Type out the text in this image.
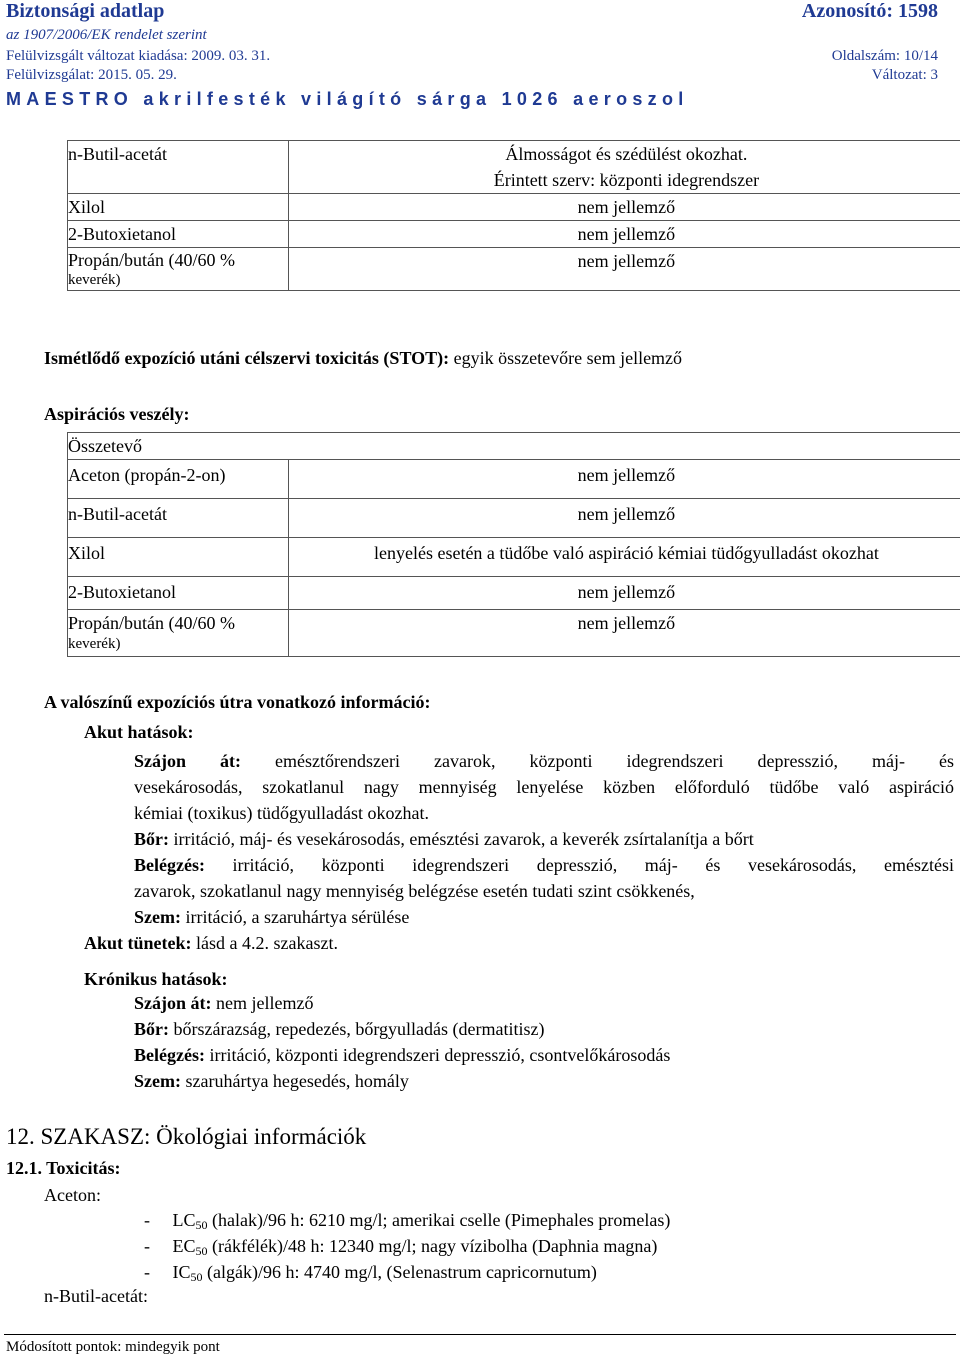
Biztonsági adatlap	Azonosító: 1598
az 1907/2006/EK rendelet szerint
Felülvizsgált változat kiadása: 2009. 03. 31.	Oldalszám: 10/14
Felülvizsgálat: 2015. 05. 29.	Változat: 3
MAESTRO akrilfesték világító sárga 1026 aeroszol
n-Butil-acetát	Álmosságot és szédülést okozhat.
Érintett szerv: központi idegrendszer

Xilol	nem jellemző

2-Butoxietanol	nem jellemző

Propán/bután (40/60 %
keverék)	nem jellemző
Ismétlődő expozíció utáni célszervi toxicitás (STOT): egyik összetevőre sem jellemző
Aspirációs veszély:
Összetevő	

Aceton (propán-2-on)	nem jellemző

n-Butil-acetát	nem jellemző

Xilol	lenyelés esetén a tüdőbe való aspiráció kémiai tüdőgyulladást okozhat

2-Butoxietanol	nem jellemző

Propán/bután (40/60 %
keverék)	nem jellemző
A valószínű expozíciós útra vonatkozó információ:
Akut hatások:
Szájon át: emésztőrendszeri zavarok, központi idegrendszeri depresszió, máj- és
vesekárosodás, szokatlanul nagy mennyiség lenyelése közben előforduló tüdőbe való aspiráció
kémiai (toxikus) tüdőgyulladást okozhat.
Bőr: irritáció, máj- és vesekárosodás, emésztési zavarok, a keverék zsírtalanítja a bőrt
Belégzés: irritáció, központi idegrendszeri depresszió, máj- és vesekárosodás, emésztési
zavarok, szokatlanul nagy mennyiség belégzése esetén tudati szint csökkenés,
Szem: irritáció, a szaruhártya sérülése
Akut tünetek: lásd a 4.2. szakaszt.
Krónikus hatások:
Szájon át: nem jellemző
Bőr: bőrszárazság, repedezés, bőrgyulladás (dermatitisz)
Belégzés: irritáció, központi idegrendszeri depresszió, csontvelőkárosodás
Szem: szaruhártya hegesedés, homály
12. SZAKASZ: Ökológiai információk
12.1. Toxicitás:
Aceton:
- $LC_{50}$ (halak)/96 h: 6210 mg/l; amerikai cselle (Pimephales promelas)
- $EC_{50}$ (rákfélék)/48 h: 12340 mg/l; nagy vízibolha (Daphnia magna)
- $IC_{50}$ (algák)/96 h: 4740 mg/l, (Selenastrum capricornutum)
n-Butil-acetát:
Módosított pontok: mindegyik pont
